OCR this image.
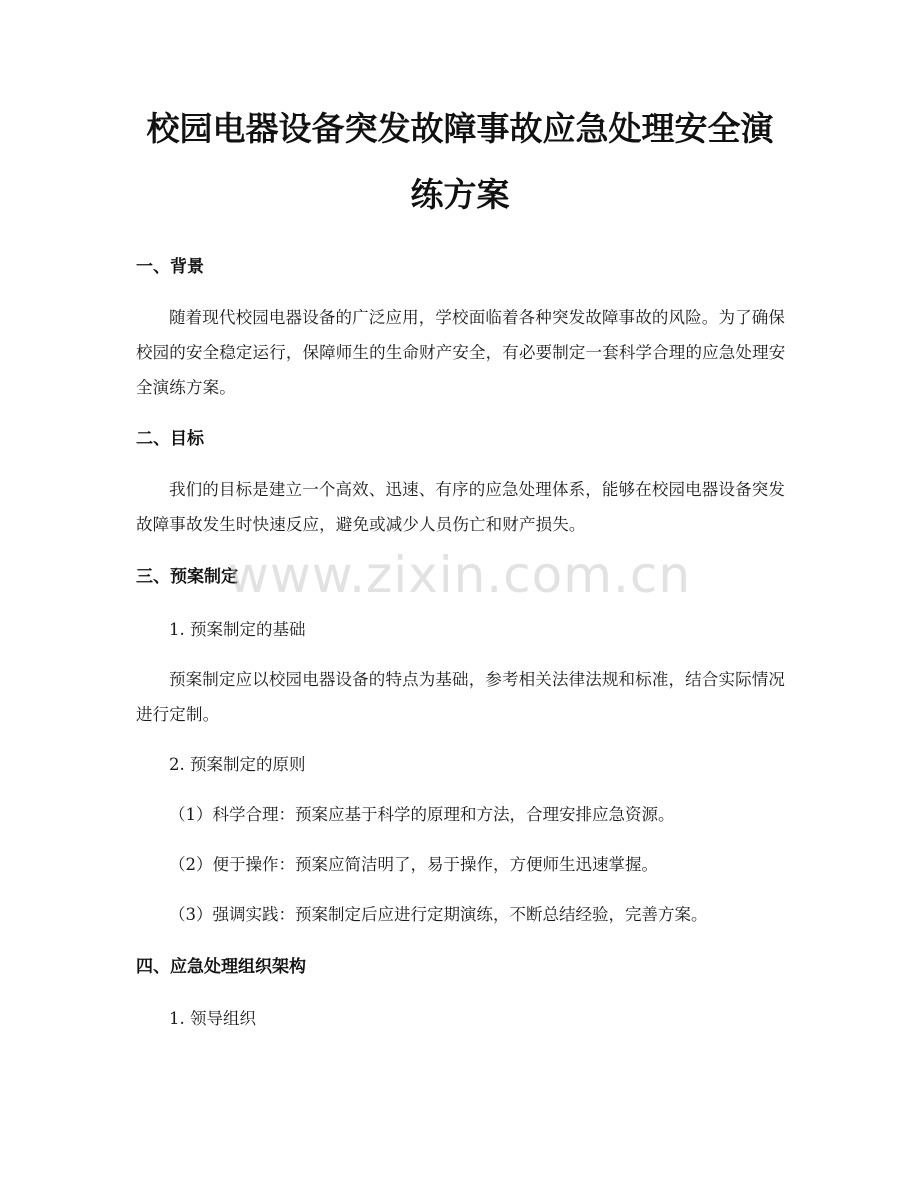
校园电器设备突发故障事故应急处理安全演
练方案
一、背景

随着现代校园电器设备的广泛应用，学校面临着各种突发故障事故的风险。为了确保校园的安全稳定运行，保障师生的生命财产安全，有必要制定一套科学合理的应急处理安全演练方案。

二、目标

我们的目标是建立一个高效、迅速、有序的应急处理体系，能够在校园电器设备突发故障事故发生时快速反应，避免或减少人员伤亡和财产损失。

三、预案制定

1. 预案制定的基础

预案制定应以校园电器设备的特点为基础，参考相关法律法规和标准，结合实际情况进行定制。

2. 预案制定的原则

（1）科学合理：预案应基于科学的原理和方法，合理安排应急资源。

（2）便于操作：预案应简洁明了，易于操作，方便师生迅速掌握。

（3）强调实践：预案制定后应进行定期演练，不断总结经验，完善方案。

四、应急处理组织架构

1. 领导组织

www.zixin.com.cn
